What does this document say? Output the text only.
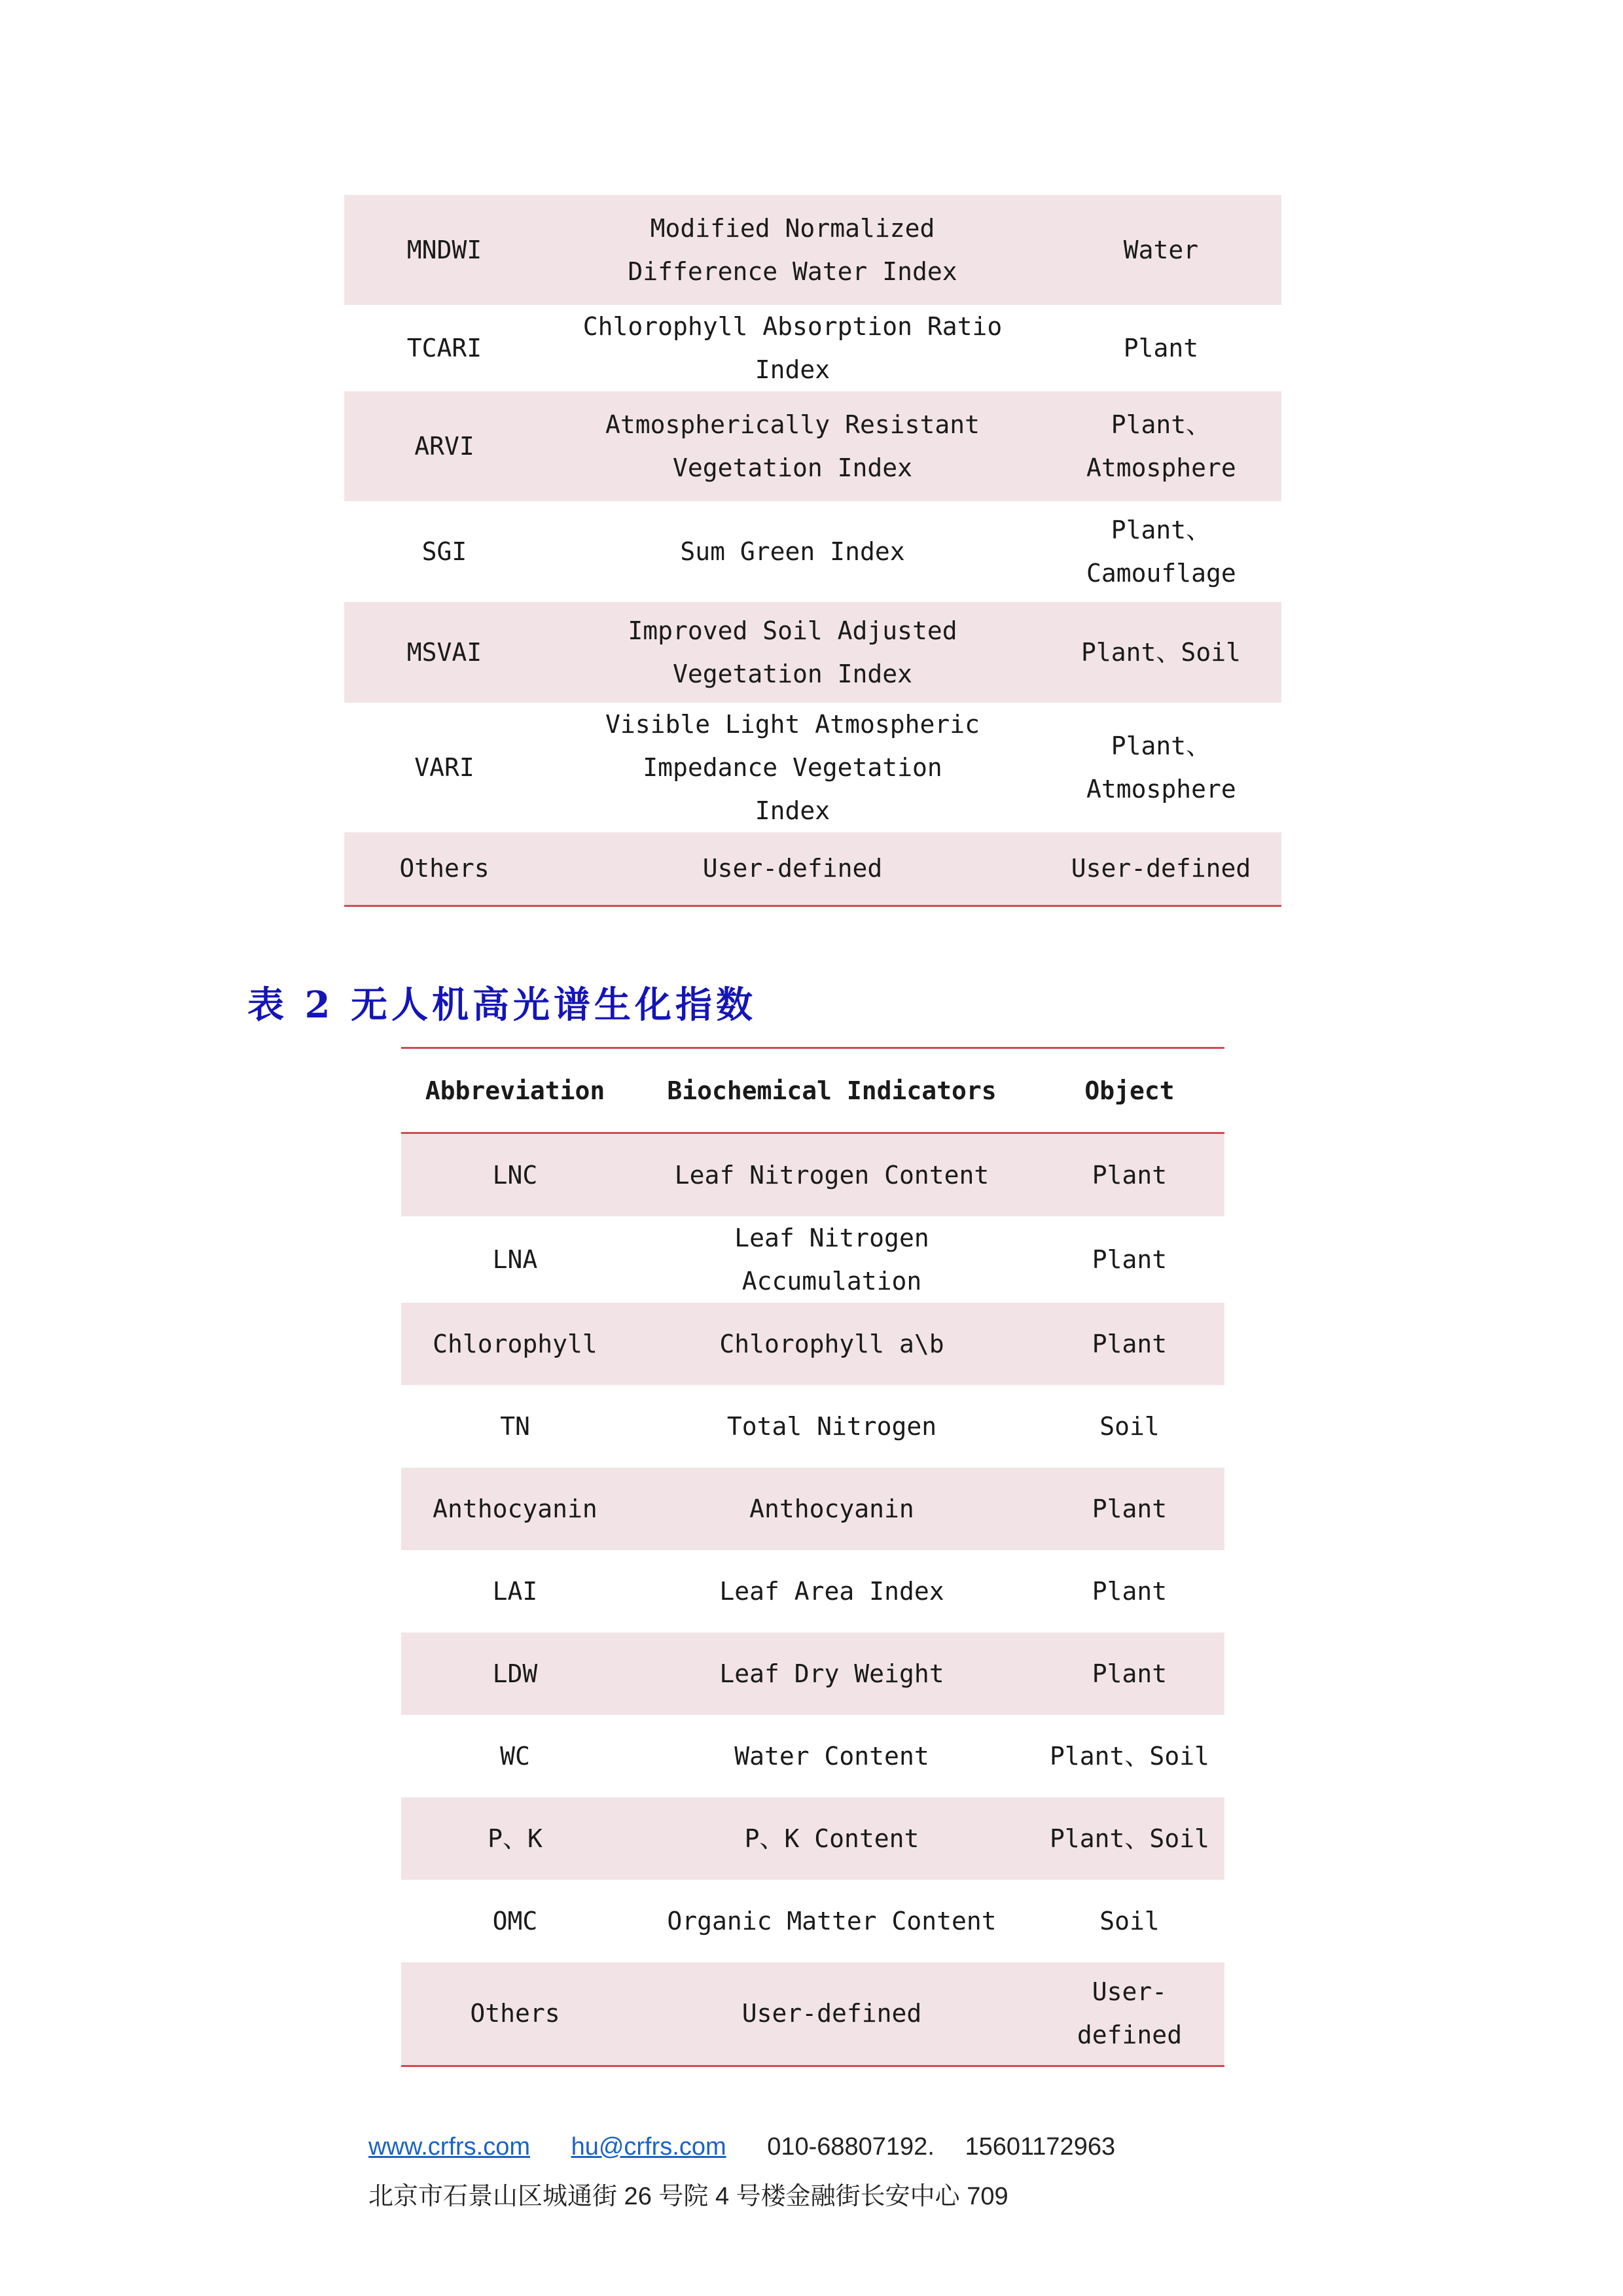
MNDWI	Modified Normalized Difference Water Index	Water
TCARI	Chlorophyll Absorption Ratio Index	Plant
ARVI	Atmospherically Resistant Vegetation Index	Plant、Atmosphere
SGI	Sum Green Index	Plant、Camouflage
MSVAI	Improved Soil Adjusted Vegetation Index	Plant、Soil
VARI	Visible Light Atmospheric Impedance Vegetation Index	Plant、Atmosphere
Others	User-defined	User-defined
表 2 无人机高光谱生化指数
Abbreviation	Biochemical Indicators	Object
LNC	Leaf Nitrogen Content	Plant
LNA	Leaf Nitrogen Accumulation	Plant
Chlorophyll	Chlorophyll a\b	Plant
TN	Total Nitrogen	Soil
Anthocyanin	Anthocyanin	Plant
LAI	Leaf Area Index	Plant
LDW	Leaf Dry Weight	Plant
WC	Water Content	Plant、Soil
P、K	P、K Content	Plant、Soil
OMC	Organic Matter Content	Soil
Others	User-defined	User-defined
www.crfrs.com hu@crfrs.com 010-68807192. 15601172963
北京市石景山区城通街 26 号院 4 号楼金融街长安中心 709
